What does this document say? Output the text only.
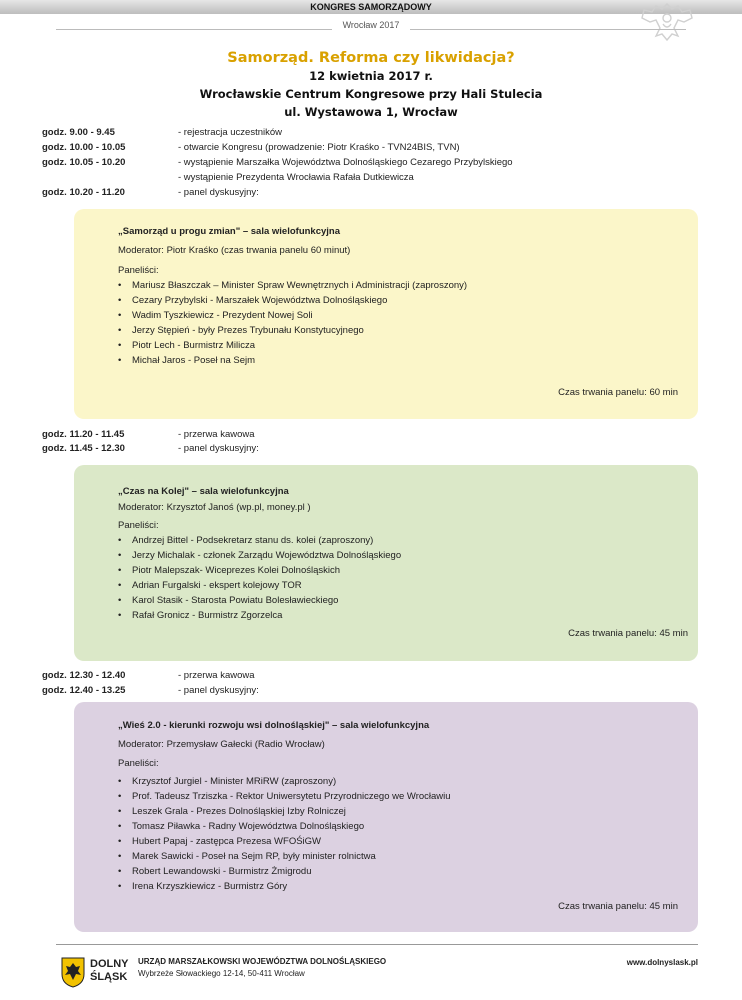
KONGRES SAMORZĄDOWY
Wrocław 2017
Samorząd. Reforma czy likwidacja?
12 kwietnia 2017 r.
Wrocławskie Centrum Kongresowe przy Hali Stulecia
ul. Wystawowa 1, Wrocław
godz. 9.00 - 9.45	- rejestracja uczestników
godz. 10.00 - 10.05	- otwarcie Kongresu (prowadzenie: Piotr Kraśko - TVN24BIS, TVN)
godz. 10.05 - 10.20	- wystąpienie Marszałka Województwa Dolnośląskiego Cezarego Przybylskiego
- wystąpienie Prezydenta Wrocławia Rafała Dutkiewicza
godz. 10.20 - 11.20	- panel dyskusyjny:
„Samorząd u progu zmian" – sala wielofunkcyjna
Moderator: Piotr Kraśko (czas trwania panelu 60 minut)
Paneliści:
• Mariusz Błaszczak – Minister Spraw Wewnętrznych i Administracji (zaproszony)
• Cezary Przybylski - Marszałek Województwa Dolnośląskiego
• Wadim Tyszkiewicz - Prezydent Nowej Soli
• Jerzy Stępień - były Prezes Trybunału Konstytucyjnego
• Piotr Lech - Burmistrz Milicza
• Michał Jaros - Poseł na Sejm
Czas trwania panelu: 60 min
godz. 11.20 - 11.45	- przerwa kawowa
godz. 11.45 - 12.30	- panel dyskusyjny:
„Czas na Kolej" – sala wielofunkcyjna
Moderator: Krzysztof Janoś (wp.pl, money.pl )
Paneliści:
• Andrzej Bittel - Podsekretarz stanu ds. kolei (zaproszony)
• Jerzy Michalak - członek Zarządu Województwa Dolnośląskiego
• Piotr Malepszak- Wiceprezes Kolei Dolnośląskich
• Adrian Furgalski - ekspert kolejowy TOR
• Karol Stasik - Starosta Powiatu Bolesławieckiego
• Rafał Gronicz - Burmistrz Zgorzelca
Czas trwania panelu: 45 min
godz. 12.30 - 12.40	- przerwa kawowa
godz. 12.40 - 13.25	- panel dyskusyjny:
„Wieś 2.0 - kierunki rozwoju wsi dolnośląskiej" – sala wielofunkcyjna
Moderator: Przemysław Gałecki (Radio Wrocław)
Paneliści:
• Krzysztof Jurgiel - Minister MRiRW (zaproszony)
• Prof. Tadeusz Trziszka - Rektor Uniwersytetu Przyrodniczego we Wrocławiu
• Leszek Grala - Prezes Dolnośląskiej Izby Rolniczej
• Tomasz Piławka - Radny Województwa Dolnośląskiego
• Hubert Papaj - zastępca Prezesa WFOŚiGW
• Marek Sawicki - Poseł na Sejm RP, były minister rolnictwa
• Robert Lewandowski - Burmistrz Żmigrodu
• Irena Krzyszkiewicz - Burmistrz Góry
Czas trwania panelu: 45 min
DOLNY
ŚLĄSK
URZĄD MARSZAŁKOWSKI WOJEWÓDZTWA DOLNOŚLĄSKIEGO
Wybrzeże Słowackiego 12-14, 50-411 Wrocław
www.dolnyslask.pl
